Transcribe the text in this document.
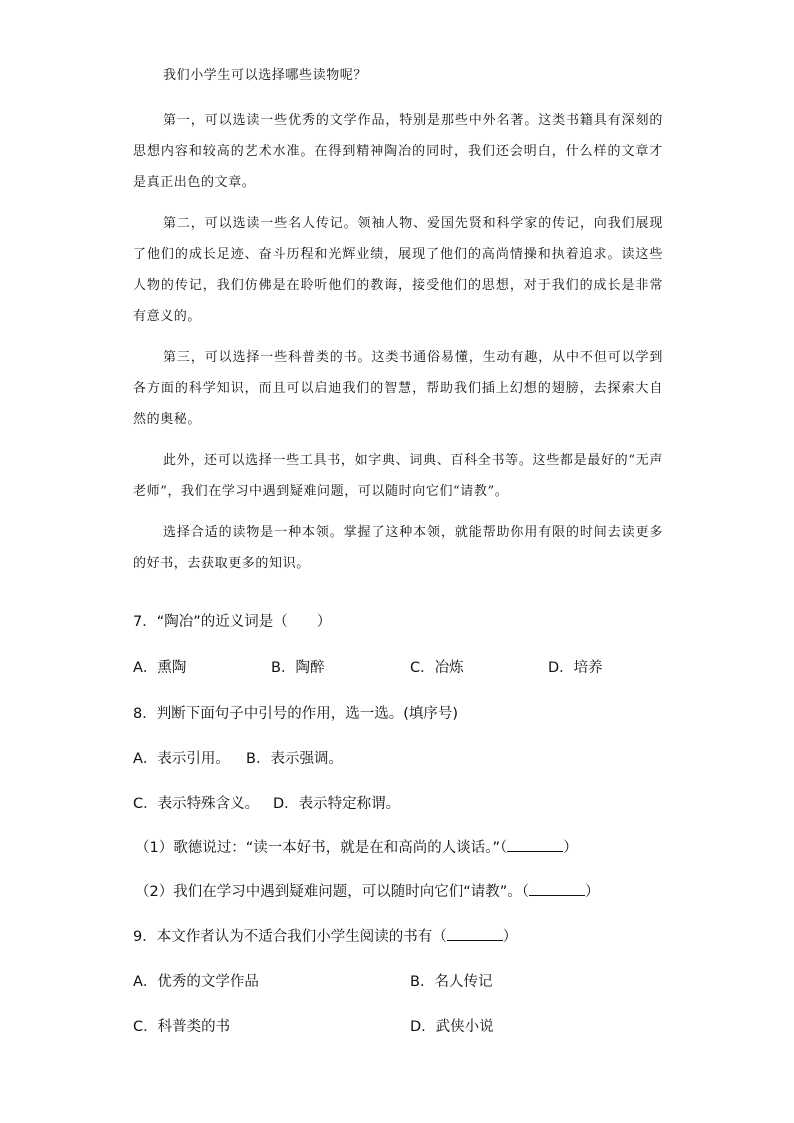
我们小学生可以选择哪些读物呢？

第一，可以选读一些优秀的文学作品，特别是那些中外名著。这类书籍具有深刻的思想内容和较高的艺术水准。在得到精神陶冶的同时，我们还会明白，什么样的文章才是真正出色的文章。

第二，可以选读一些名人传记。领袖人物、爱国先贤和科学家的传记，向我们展现了他们的成长足迹、奋斗历程和光辉业绩，展现了他们的高尚情操和执着追求。读这些人物的传记，我们仿佛是在聆听他们的教诲，接受他们的思想，对于我们的成长是非常有意义的。

第三，可以选择一些科普类的书。这类书通俗易懂，生动有趣，从中不但可以学到各方面的科学知识，而且可以启迪我们的智慧，帮助我们插上幻想的翅膀，去探索大自然的奥秘。

此外，还可以选择一些工具书，如字典、词典、百科全书等。这些都是最好的“无声老师”，我们在学习中遇到疑难问题，可以随时向它们“请教”。

选择合适的读物是一种本领。掌握了这种本领，就能帮助你用有限的时间去读更多的好书，去获取更多的知识。

7．“陶冶”的近义词是（　　）
A．熏陶	B．陶醉	C．冶炼	D．培养
8．判断下面句子中引号的作用，选一选。(填序号)
A．表示引用。 B．表示强调。
C．表示特殊含义。 D．表示特定称谓。
（1）歌德说过：“读一本好书，就是在和高尚的人谈话。”（	）
（2）我们在学习中遇到疑难问题，可以随时向它们“请教”。（	）
9．本文作者认为不适合我们小学生阅读的书有（	）
A．优秀的文学作品	B．名人传记
C．科普类的书	D．武侠小说
